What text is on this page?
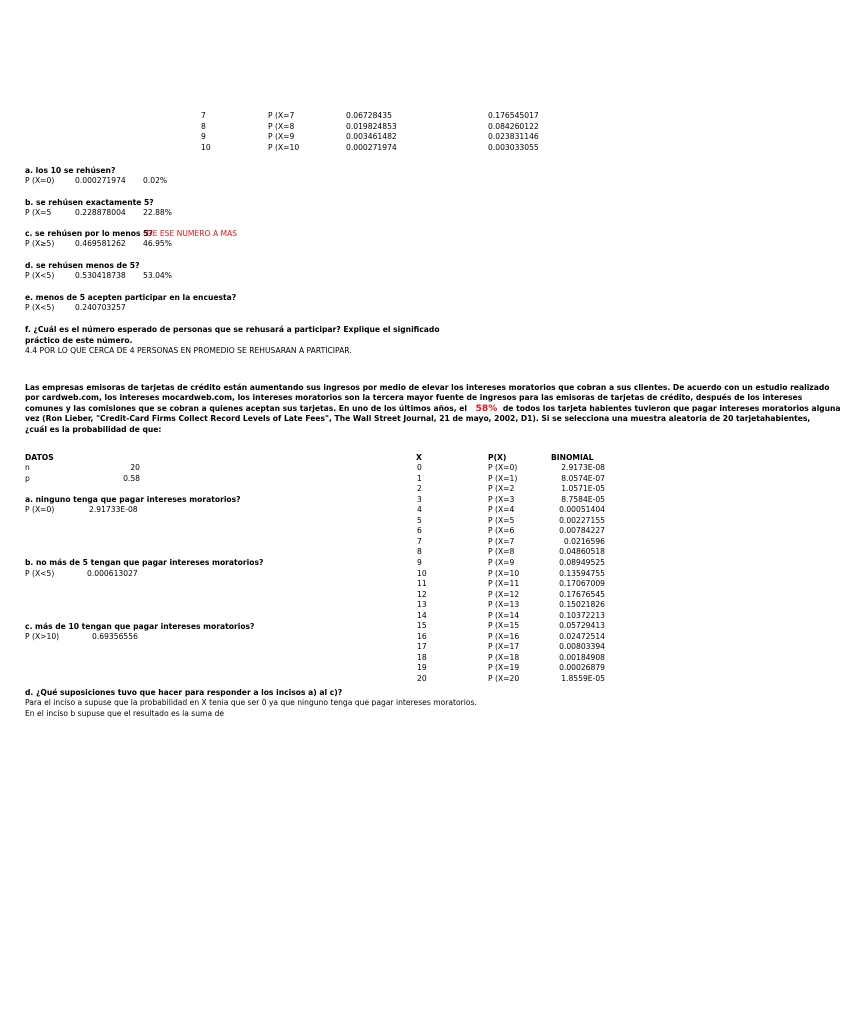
7	P (X=7	0.06728435	0.176545017
8	P (X=8	0.019824853	0.084260122
9	P (X=9	0.003461482	0.023831146
10	P (X=10	0.000271974	0.003033055
a. los 10 se rehúsen?
P (X=0)	0.000271974 0.02%
b. se rehúsen exactamente 5?
P (X=5	0.228878004 22.88%
c. se rehúsen por lo menos 5?
*DE ESE NUMERO A MAS
P (X≥5)	0.469581262 46.95%
d. se rehúsen menos de 5?
P (X<5)	0.530418738 53.04%
e. menos de 5 acepten participar en la encuesta?
P (X<5)	0.240703257
f. ¿Cuál es el número esperado de personas que se rehusará a participar? Explique el significado
práctico de este número.
4.4 POR LO QUE CERCA DE 4 PERSONAS EN PROMEDIO SE REHUSARAN A PARTICIPAR.
Las empresas emisoras de tarjetas de crédito están aumentando sus ingresos por medio de elevar los intereses moratorios que cobran a sus clientes. De acuerdo con un estudio realizado
por cardweb.com, los intereses mocardweb.com, los intereses moratorios son la tercera mayor fuente de ingresos para las emisoras de tarjetas de crédito, después de los intereses
comunes y las comisiones que se cobran a quienes aceptan sus tarjetas. En uno de los últimos años, el 58% de todos los tarjeta habientes tuvieron que pagar intereses moratorios alguna
vez (Ron Lieber, "Credit-Card Firms Collect Record Levels of Late Fees", The Wall Street Journal, 21 de mayo, 2002, D1). Si se selecciona una muestra aleatoria de 20 tarjetahabientes,
¿cuál es la probabilidad de que:
DATOS
n	20
p	0.58
a. ninguno tenga que pagar intereses moratorios?
P (X=0)	2.91733E-08
b. no más de 5 tengan que pagar intereses moratorios?
P (X<5)	0.000613027
c. más de 10 tengan que pagar intereses moratorios?
P (X>10)	0.69356556
X	P(X)	BINOMIAL
0	P (X=0)	2.9173E-08
1	P (X=1)	8.0574E-07
2	P (X=2	1.0571E-05
3	P (X=3	8.7584E-05
4	P (X=4	0.00051404
5	P (X=5	0.00227155
6	P (X=6	0.00784227
7	P (X=7	0.0216596
8	P (X=8	0.04860518
9	P (X=9	0.08949525
10	P (X=10	0.13594755
11	P (X=11	0.17067009
12	P (X=12	0.17676545
13	P (X=13	0.15021826
14	P (X=14	0.10372213
15	P (X=15	0.05729413
16	P (X=16	0.02472514
17	P (X=17	0.00803394
18	P (X=18	0.00184908
19	P (X=19	0.00026879
20	P (X=20	1.8559E-05
d. ¿Qué suposiciones tuvo que hacer para responder a los incisos a) al c)?
Para el inciso a supuse que la probabilidad en X tenia que ser 0 ya que ninguno tenga que pagar intereses moratorios.
En el inciso b supuse que el resultado es la suma de
